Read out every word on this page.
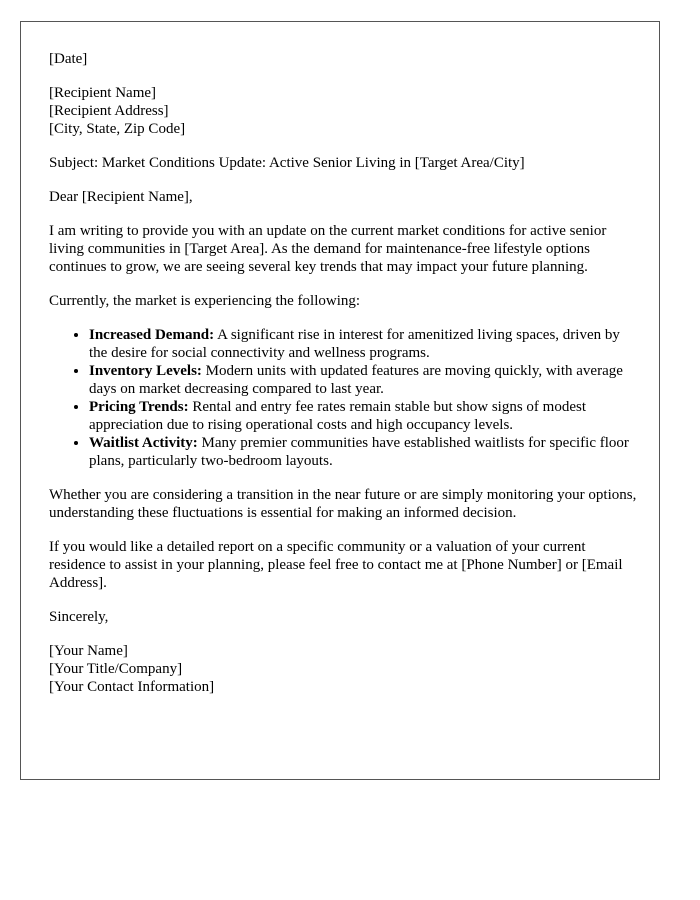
[Date]

[Recipient Name]

[Recipient Address]

[City, State, Zip Code]

Subject: Market Conditions Update: Active Senior Living in [Target Area/City]

Dear [Recipient Name],

I am writing to provide you with an update on the current market conditions for active senior living communities in [Target Area]. As the demand for maintenance-free lifestyle options continues to grow, we are seeing several key trends that may impact your future planning.

Currently, the market is experiencing the following:

• Increased Demand: A significant rise in interest for amenitized living spaces, driven by the desire for social connectivity and wellness programs.
• Inventory Levels: Modern units with updated features are moving quickly, with average days on market decreasing compared to last year.
• Pricing Trends: Rental and entry fee rates remain stable but show signs of modest appreciation due to rising operational costs and high occupancy levels.
• Waitlist Activity: Many premier communities have established waitlists for specific floor plans, particularly two-bedroom layouts.

Whether you are considering a transition in the near future or are simply monitoring your options, understanding these fluctuations is essential for making an informed decision.

If you would like a detailed report on a specific community or a valuation of your current residence to assist in your planning, please feel free to contact me at [Phone Number] or [Email Address].

Sincerely,

[Your Name]

[Your Title/Company]

[Your Contact Information]
